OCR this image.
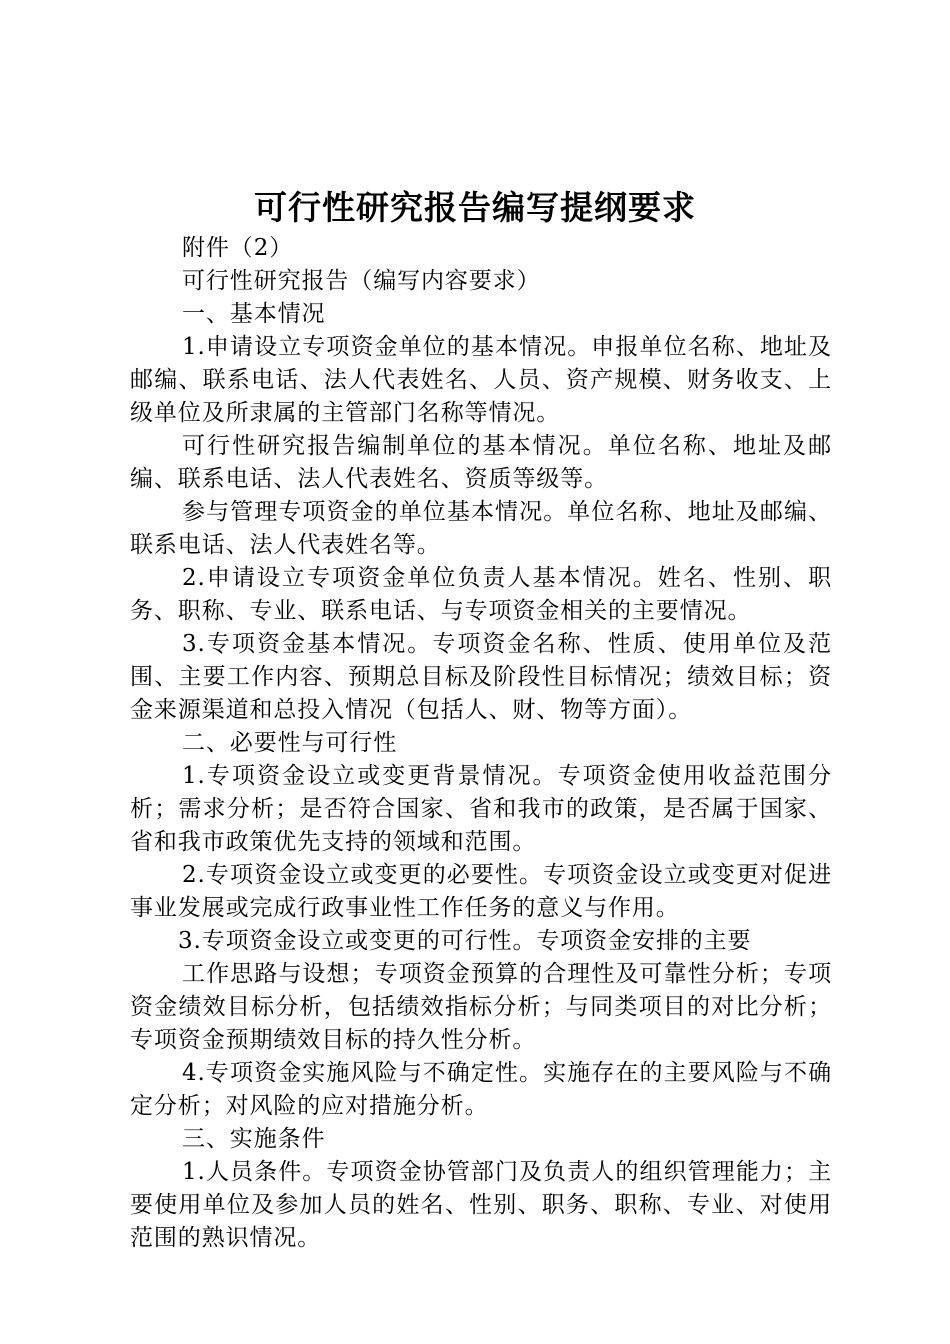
可行性研究报告编写提纲要求

附件（2）

可行性研究报告（编写内容要求）

一、基本情况

1.申请设立专项资金单位的基本情况。申报单位名称、地址及邮编、联系电话、法人代表姓名、人员、资产规模、财务收支、上级单位及所隶属的主管部门名称等情况。

可行性研究报告编制单位的基本情况。单位名称、地址及邮编、联系电话、法人代表姓名、资质等级等。

参与管理专项资金的单位基本情况。单位名称、地址及邮编、联系电话、法人代表姓名等。

2.申请设立专项资金单位负责人基本情况。姓名、性别、职务、职称、专业、联系电话、与专项资金相关的主要情况。

3.专项资金基本情况。专项资金名称、性质、使用单位及范围、主要工作内容、预期总目标及阶段性目标情况；绩效目标；资金来源渠道和总投入情况（包括人、财、物等方面）。

二、必要性与可行性

1.专项资金设立或变更背景情况。专项资金使用收益范围分析；需求分析；是否符合国家、省和我市的政策，是否属于国家、省和我市政策优先支持的领域和范围。

2.专项资金设立或变更的必要性。专项资金设立或变更对促进事业发展或完成行政事业性工作任务的意义与作用。

3.专项资金设立或变更的可行性。专项资金安排的主要

工作思路与设想；专项资金预算的合理性及可靠性分析；专项资金绩效目标分析，包括绩效指标分析；与同类项目的对比分析；专项资金预期绩效目标的持久性分析。

4.专项资金实施风险与不确定性。实施存在的主要风险与不确定分析；对风险的应对措施分析。

三、实施条件

1.人员条件。专项资金协管部门及负责人的组织管理能力；主要使用单位及参加人员的姓名、性别、职务、职称、专业、对使用范围的熟识情况。
